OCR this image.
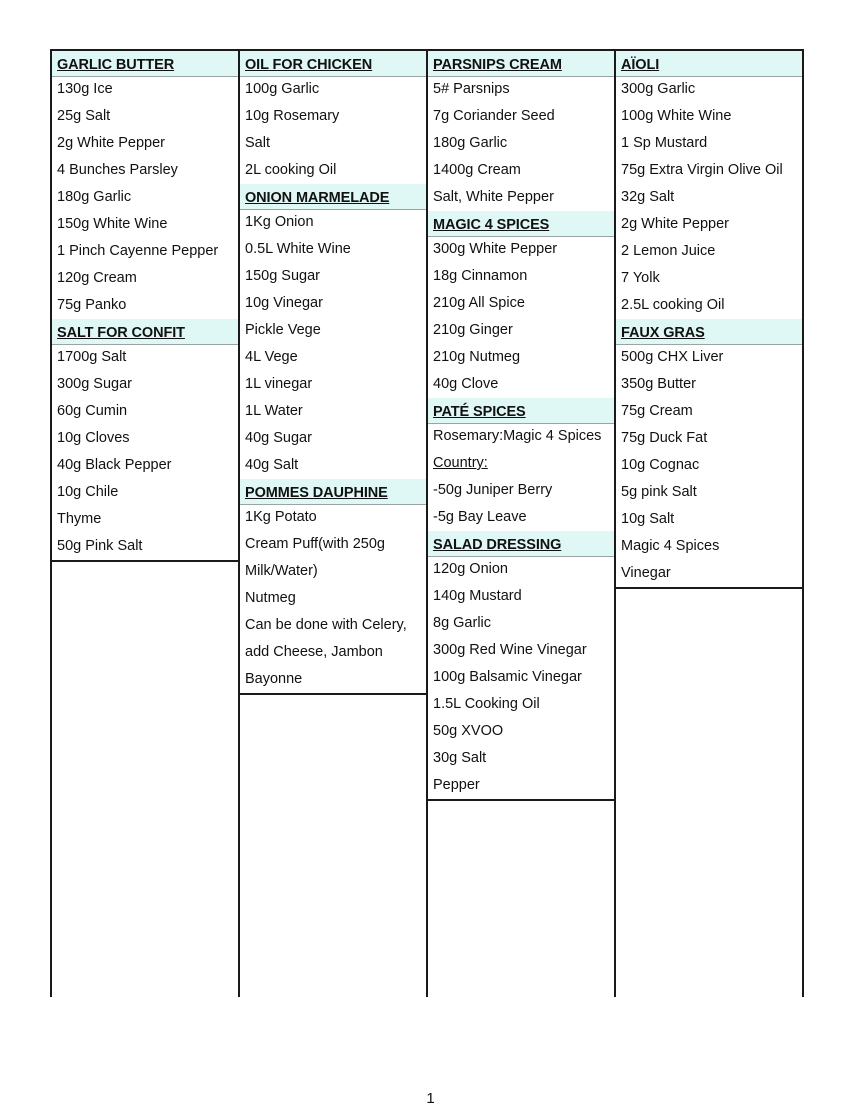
GARLIC BUTTER
130g Ice
25g Salt
2g White Pepper
4 Bunches Parsley
180g Garlic
150g White Wine
1 Pinch Cayenne Pepper
120g Cream
75g Panko
SALT FOR CONFIT
1700g Salt
300g Sugar
60g Cumin
10g Cloves
40g Black Pepper
10g Chile
Thyme
50g Pink Salt
OIL FOR CHICKEN
100g Garlic
10g Rosemary
Salt
2L cooking Oil
ONION MARMELADE
1Kg Onion
0.5L White Wine
150g Sugar
10g Vinegar
Pickle Vege
4L Vege
1L vinegar
1L Water
40g Sugar
40g Salt
POMMES DAUPHINE
1Kg Potato
Cream Puff(with 250g
Milk/Water)
Nutmeg
Can be done with Celery,
add Cheese, Jambon
Bayonne
PARSNIPS CREAM
5# Parsnips
7g Coriander Seed
180g Garlic
1400g Cream
Salt, White Pepper
MAGIC 4 SPICES
300g White Pepper
18g Cinnamon
210g All Spice
210g Ginger
210g Nutmeg
40g Clove
PATÉ SPICES
Rosemary:Magic 4 Spices
Country:
-50g Juniper Berry
-5g Bay Leave
SALAD DRESSING
120g Onion
140g Mustard
8g Garlic
300g Red Wine Vinegar
100g Balsamic Vinegar
1.5L Cooking Oil
50g XVOO
30g Salt
Pepper
AÏOLI
300g Garlic
100g White Wine
1 Sp Mustard
75g Extra Virgin Olive Oil
32g Salt
2g White Pepper
2 Lemon Juice
7 Yolk
2.5L cooking Oil
FAUX GRAS
500g CHX Liver
350g Butter
75g Cream
75g Duck Fat
10g Cognac
5g pink Salt
10g Salt
Magic 4 Spices
Vinegar
1
